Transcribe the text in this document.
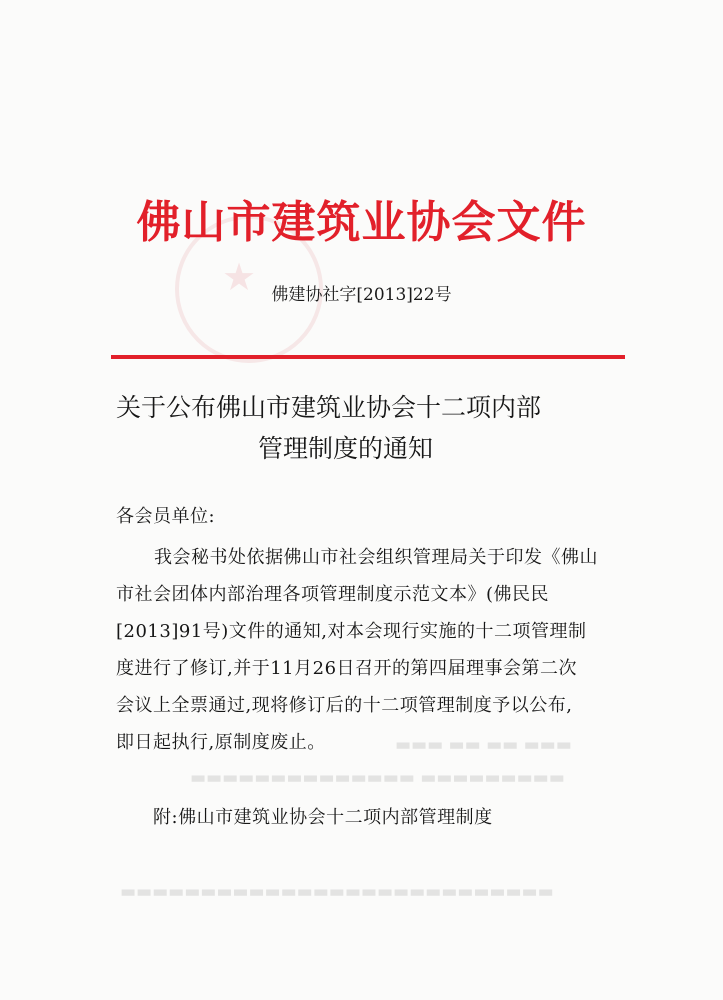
★
▬▬▬ ▬▬ ▬▬ ▬▬▬
▬▬▬▬▬▬▬▬▬ ▬▬▬▬▬▬▬▬▬▬▬▬▬▬
▬▬▬▬▬▬▬▬▬▬▬▬▬▬▬▬▬▬▬▬▬▬▬▬▬▬▬
佛山市建筑业协会文件
佛建协社字[2013]22号
关于公布佛山市建筑业协会十二项内部
管理制度的通知
各会员单位:
我会秘书处依据佛山市社会组织管理局关于印发《佛山
市社会团体内部治理各项管理制度示范文本》(佛民民
[2013]91号)文件的通知,对本会现行实施的十二项管理制
度进行了修订,并于11月26日召开的第四届理事会第二次
会议上全票通过,现将修订后的十二项管理制度予以公布,
即日起执行,原制度废止。
附:佛山市建筑业协会十二项内部管理制度
